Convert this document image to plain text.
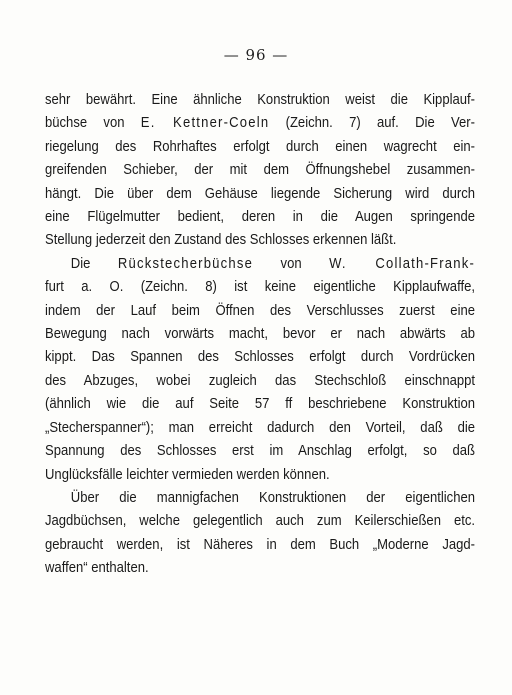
— 96 —
sehr bewährt. Eine ähnliche Konstruktion weist die Kipplauf-
büchse von E. Kettner-Coeln (Zeichn. 7) auf. Die Ver-
riegelung des Rohrhaftes erfolgt durch einen wagrecht ein-
greifenden Schieber, der mit dem Öffnungshebel zusammen-
hängt. Die über dem Gehäuse liegende Sicherung wird durch
eine Flügelmutter bedient, deren in die Augen springende
Stellung jederzeit den Zustand des Schlosses erkennen läßt.
Die Rückstecherbüchse von W. Collath-Frank-
furt a. O. (Zeichn. 8) ist keine eigentliche Kipplaufwaffe,
indem der Lauf beim Öffnen des Verschlusses zuerst eine
Bewegung nach vorwärts macht, bevor er nach abwärts ab
kippt. Das Spannen des Schlosses erfolgt durch Vordrücken
des Abzuges, wobei zugleich das Stechschloß einschnappt
(ähnlich wie die auf Seite 57 ff beschriebene Konstruktion
„Stecherspanner“); man erreicht dadurch den Vorteil, daß die
Spannung des Schlosses erst im Anschlag erfolgt, so daß
Unglücksfälle leichter vermieden werden können.
Über die mannigfachen Konstruktionen der eigentlichen
Jagdbüchsen, welche gelegentlich auch zum Keilerschießen etc.
gebraucht werden, ist Näheres in dem Buch „Moderne Jagd-
waffen“ enthalten.
